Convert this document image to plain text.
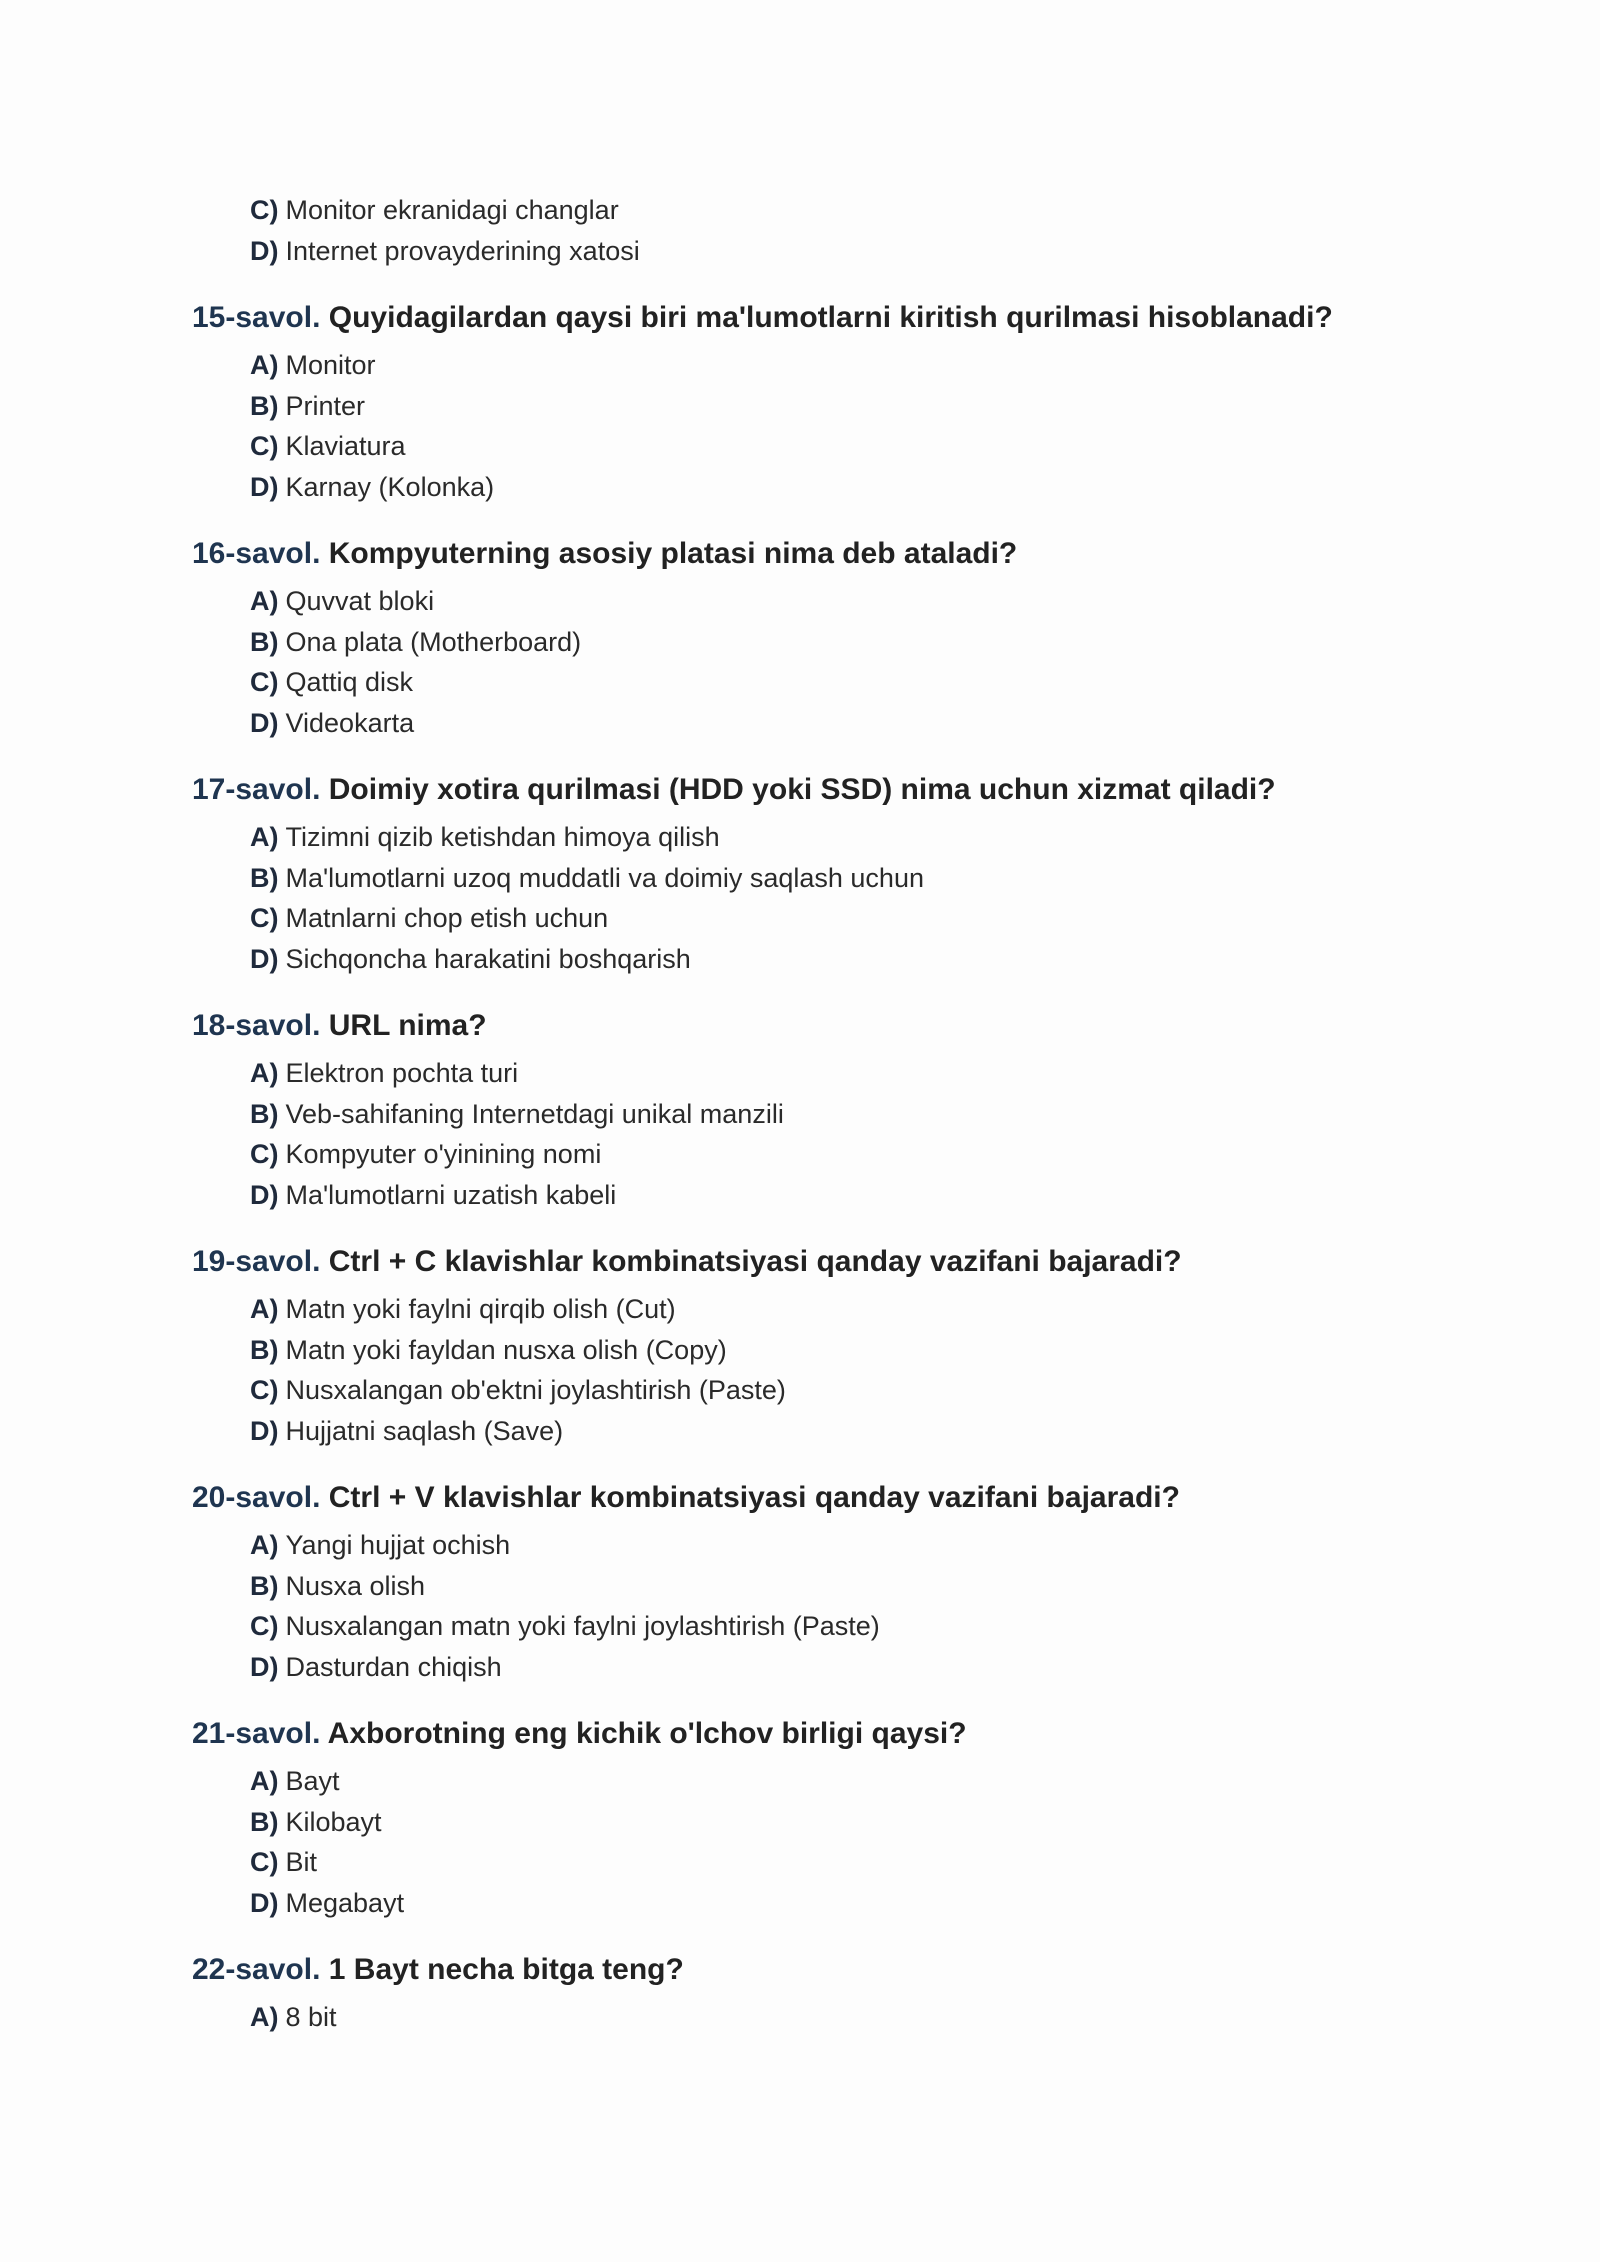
C) Monitor ekranidagi changlar
D) Internet provayderining xatosi
15-savol. Quyidagilardan qaysi biri ma'lumotlarni kiritish qurilmasi hisoblanadi?
A) Monitor
B) Printer
C) Klaviatura
D) Karnay (Kolonka)
16-savol. Kompyuterning asosiy platasi nima deb ataladi?
A) Quvvat bloki
B) Ona plata (Motherboard)
C) Qattiq disk
D) Videokarta
17-savol. Doimiy xotira qurilmasi (HDD yoki SSD) nima uchun xizmat qiladi?
A) Tizimni qizib ketishdan himoya qilish
B) Ma'lumotlarni uzoq muddatli va doimiy saqlash uchun
C) Matnlarni chop etish uchun
D) Sichqoncha harakatini boshqarish
18-savol. URL nima?
A) Elektron pochta turi
B) Veb-sahifaning Internetdagi unikal manzili
C) Kompyuter o'yinining nomi
D) Ma'lumotlarni uzatish kabeli
19-savol. Ctrl + C klavishlar kombinatsiyasi qanday vazifani bajaradi?
A) Matn yoki faylni qirqib olish (Cut)
B) Matn yoki fayldan nusxa olish (Copy)
C) Nusxalangan ob'ektni joylashtirish (Paste)
D) Hujjatni saqlash (Save)
20-savol. Ctrl + V klavishlar kombinatsiyasi qanday vazifani bajaradi?
A) Yangi hujjat ochish
B) Nusxa olish
C) Nusxalangan matn yoki faylni joylashtirish (Paste)
D) Dasturdan chiqish
21-savol. Axborotning eng kichik o'lchov birligi qaysi?
A) Bayt
B) Kilobayt
C) Bit
D) Megabayt
22-savol. 1 Bayt necha bitga teng?
A) 8 bit
